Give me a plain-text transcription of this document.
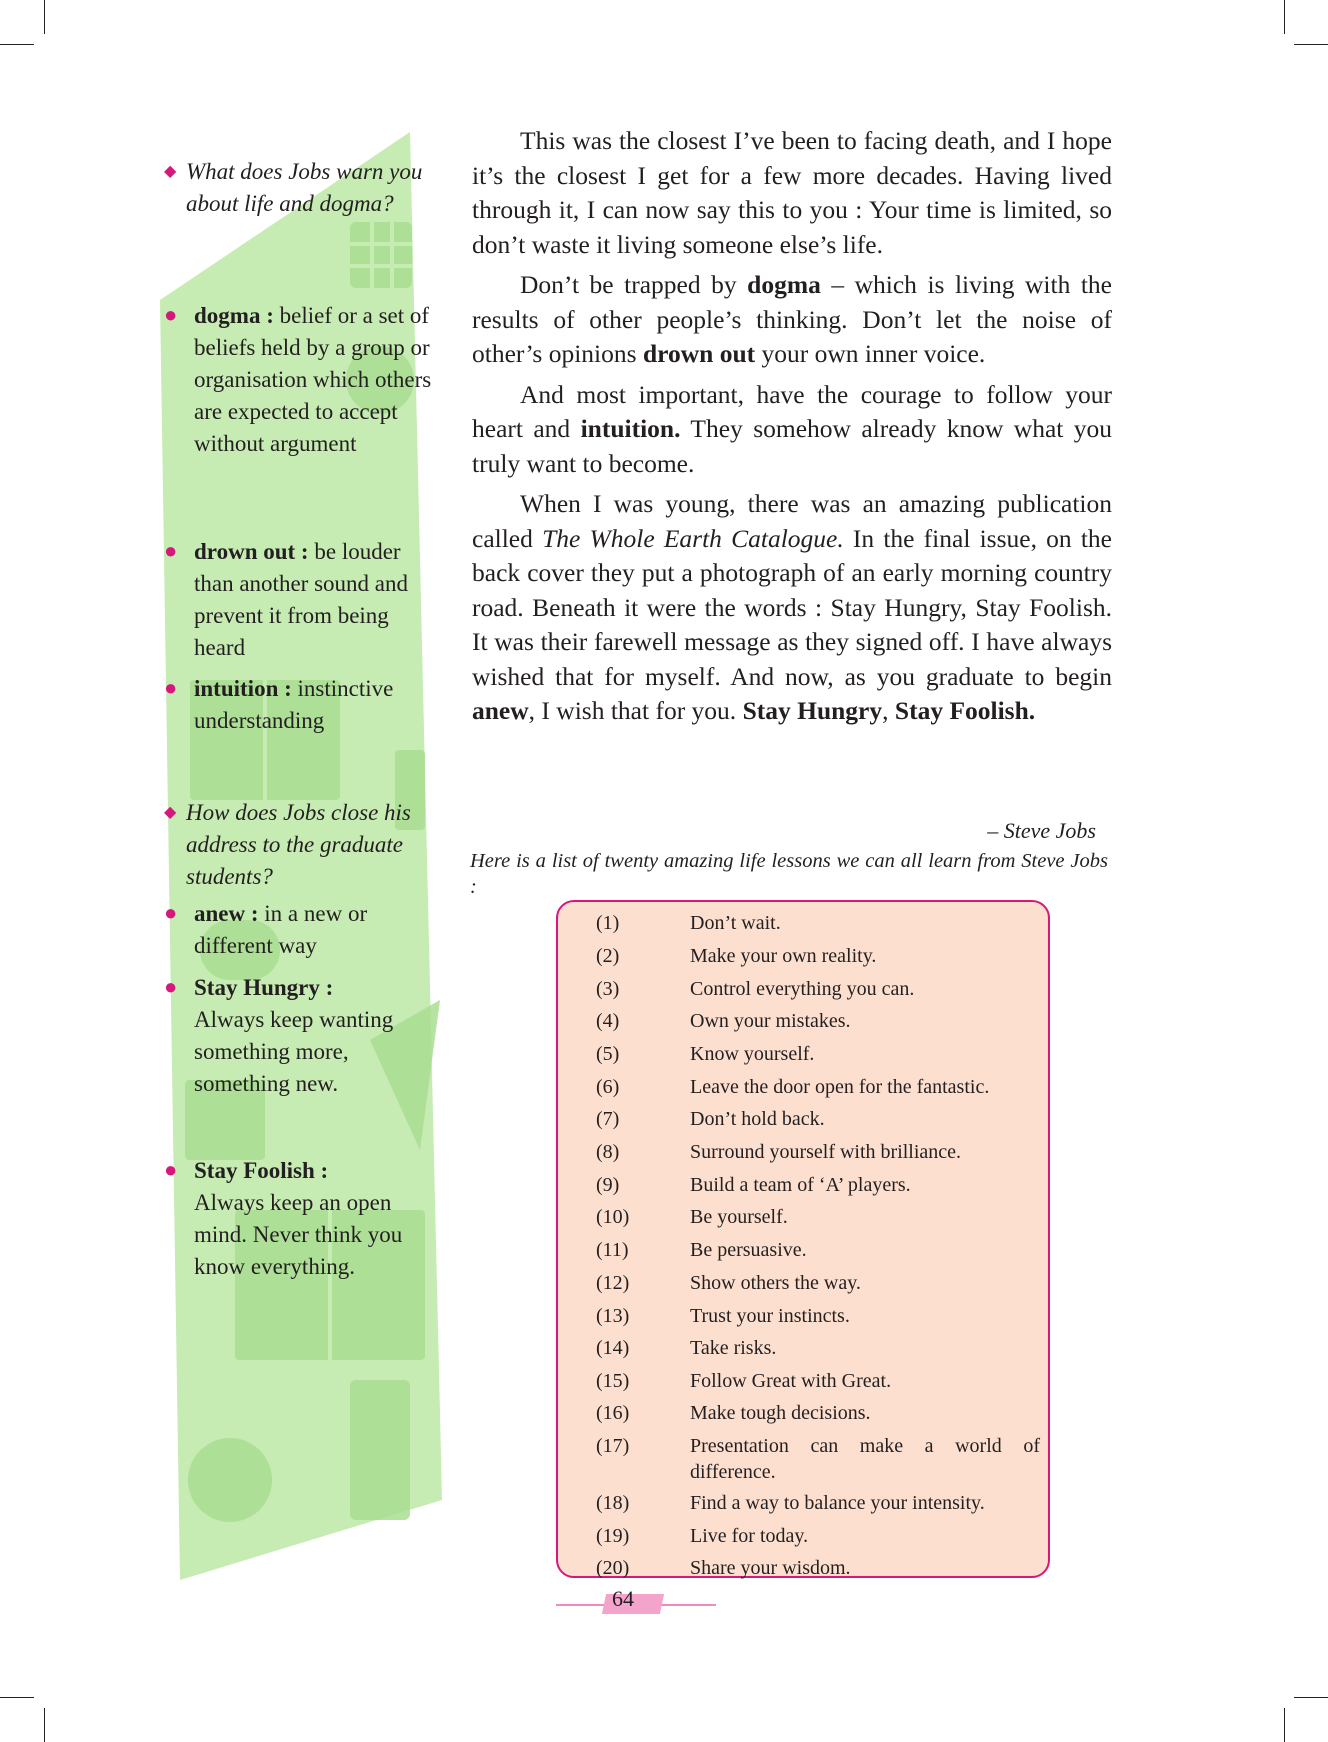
◆ What does Jobs warn you about life and dogma?
● dogma : belief or a set of beliefs held by a group or organisation which others are expected to accept without argument
● drown out : be louder than another sound and prevent it from being heard
● intuition : instinctive understanding
◆ How does Jobs close his address to the graduate students?
● anew : in a new or different way
● Stay Hungry :
Always keep wanting something more, something new.
● Stay Foolish :
Always keep an open mind. Never think you know everything.

This was the closest I’ve been to facing death, and I hope it’s the closest I get for a few more decades. Having lived through it, I can now say this to you : Your time is limited, so don’t waste it living someone else’s life.

Don’t be trapped by dogma – which is living with the results of other people’s thinking. Don’t let the noise of other’s opinions drown out your own inner voice.

And most important, have the courage to follow your heart and intuition. They somehow already know what you truly want to become.

When I was young, there was an amazing publication called The Whole Earth Catalogue. In the final issue, on the back cover they put a photograph of an early morning country road. Beneath it were the words : Stay Hungry, Stay Foolish. It was their farewell message as they signed off. I have always wished that for myself. And now, as you graduate to begin anew, I wish that for you. Stay Hungry, Stay Foolish.

– Steve Jobs
Here is a list of twenty amazing life lessons we can all learn from Steve Jobs :
(1)	Don’t wait.
(2)	Make your own reality.
(3)	Control everything you can.
(4)	Own your mistakes.
(5)	Know yourself.
(6)	Leave the door open for the fantastic.
(7)	Don’t hold back.
(8)	Surround yourself with brilliance.
(9)	Build a team of ‘A’ players.
(10)	Be yourself.
(11)	Be persuasive.
(12)	Show others the way.
(13)	Trust your instincts.
(14)	Take risks.
(15)	Follow Great with Great.
(16)	Make tough decisions.
(17)	Presentation can make a world of difference.
(18)	Find a way to balance your intensity.
(19)	Live for today.
(20)	Share your wisdom.
64
